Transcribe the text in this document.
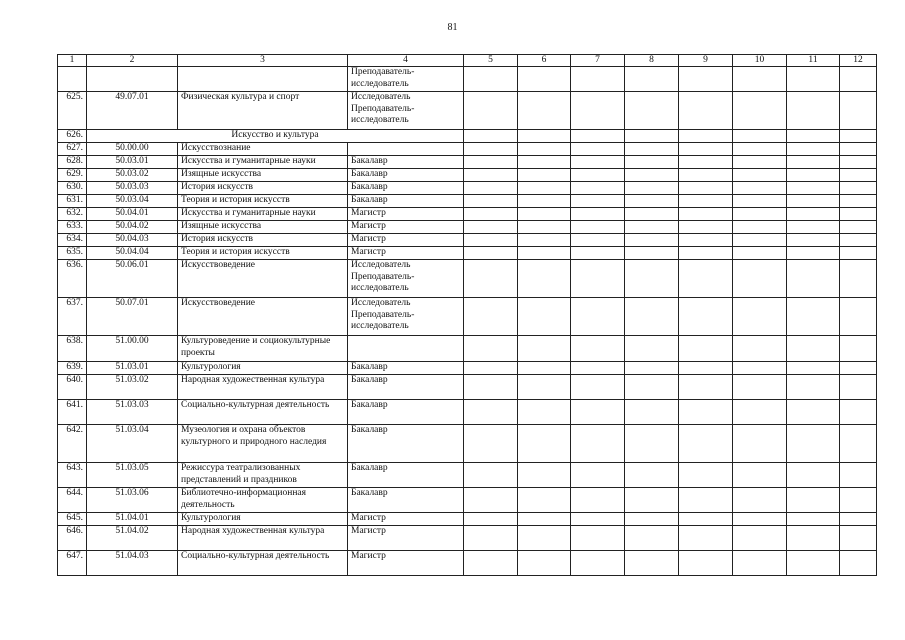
81
1	2	3	4	5	6	7	8	9	10	11	12

			Преподаватель-
исследователь								

625.	49.07.01	Физическая культура и спорт	Исследователь
Преподаватель-
исследователь								

626.	Искусство и культура										
627.	50.00.00	Искусствознание									
628.	50.03.01	Искусства и гуманитарные науки	Бакалавр								

629.	50.03.02	Изящные искусства	Бакалавр								

630.	50.03.03	История искусств	Бакалавр								

631.	50.03.04	Теория и история искусств	Бакалавр								

632.	50.04.01	Искусства и гуманитарные науки	Магистр								

633.	50.04.02	Изящные искусства	Магистр								

634.	50.04.03	История искусств	Магистр								

635.	50.04.04	Теория и история искусств	Магистр								

636.	50.06.01	Искусствоведение	Исследователь
Преподаватель-
исследователь								

637.	50.07.01	Искусствоведение	Исследователь
Преподаватель-
исследователь								

638.	51.00.00	Культуроведение и социокультурные проекты									
639.	51.03.01	Культурология	Бакалавр								

640.	51.03.02	Народная художественная культура	Бакалавр								

641.	51.03.03	Социально-культурная деятельность	Бакалавр								

642.	51.03.04	Музеология и охрана объектов культурного и природного наследия	Бакалавр								

643.	51.03.05	Режиссура театрализованных представлений и праздников	Бакалавр								

644.	51.03.06	Библиотечно-информационная деятельность	Бакалавр								

645.	51.04.01	Культурология	Магистр								

646.	51.04.02	Народная художественная культура	Магистр								

647.	51.04.03	Социально-культурная деятельность	Магистр								
